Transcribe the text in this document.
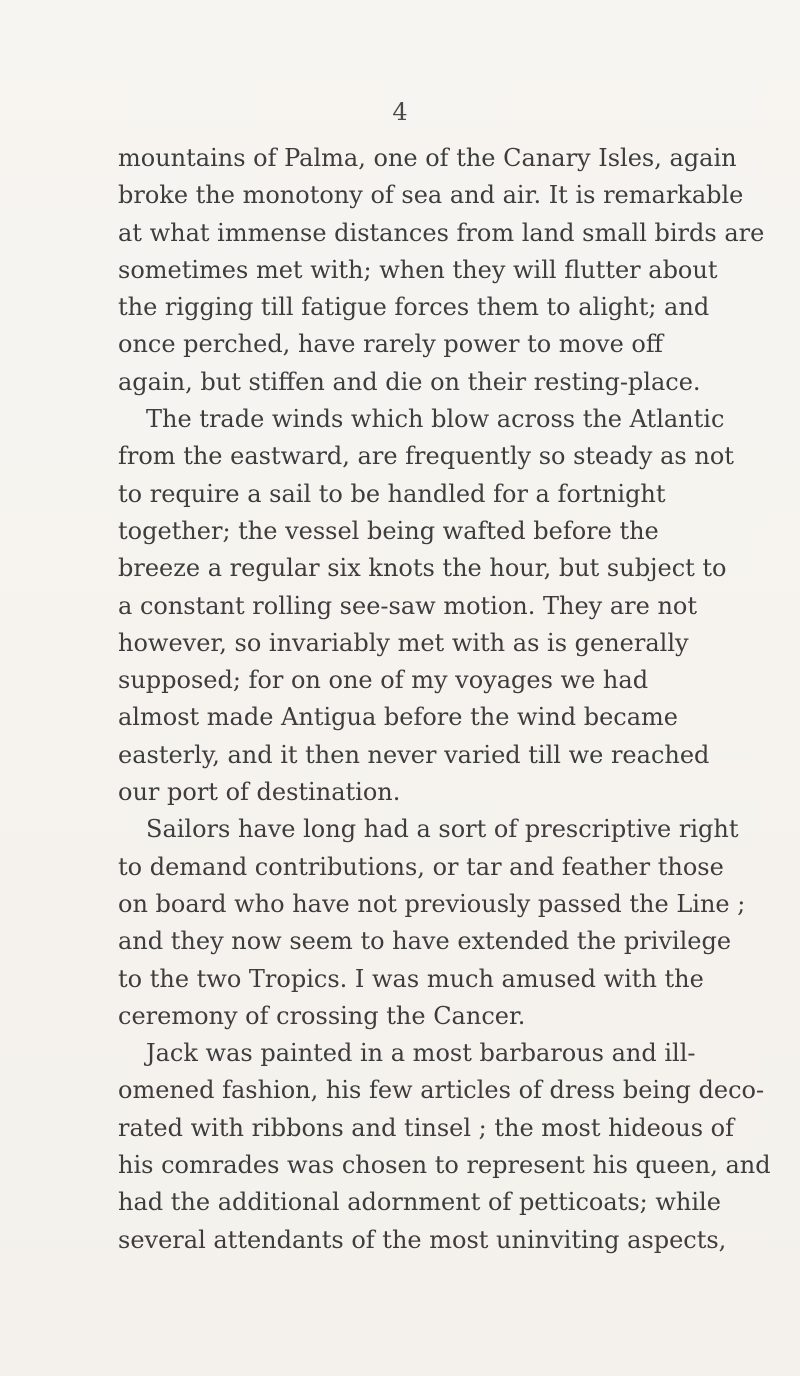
4
mountains of Palma, one of the Canary Isles, again
broke the monotony of sea and air. It is remarkable
at what immense distances from land small birds are
sometimes met with; when they will flutter about
the rigging till fatigue forces them to alight; and
once perched, have rarely power to move off
again, but stiffen and die on their resting-place.
The trade winds which blow across the Atlantic
from the eastward, are frequently so steady as not
to require a sail to be handled for a fortnight
together; the vessel being wafted before the
breeze a regular six knots the hour, but subject to
a constant rolling see-saw motion. They are not
however, so invariably met with as is generally
supposed; for on one of my voyages we had
almost made Antigua before the wind became
easterly, and it then never varied till we reached
our port of destination.
Sailors have long had a sort of prescriptive right
to demand contributions, or tar and feather those
on board who have not previously passed the Line ;
and they now seem to have extended the privilege
to the two Tropics. I was much amused with the
ceremony of crossing the Cancer.
Jack was painted in a most barbarous and ill-
omened fashion, his few articles of dress being deco-
rated with ribbons and tinsel ; the most hideous of
his comrades was chosen to represent his queen, and
had the additional adornment of petticoats; while
several attendants of the most uninviting aspects,
